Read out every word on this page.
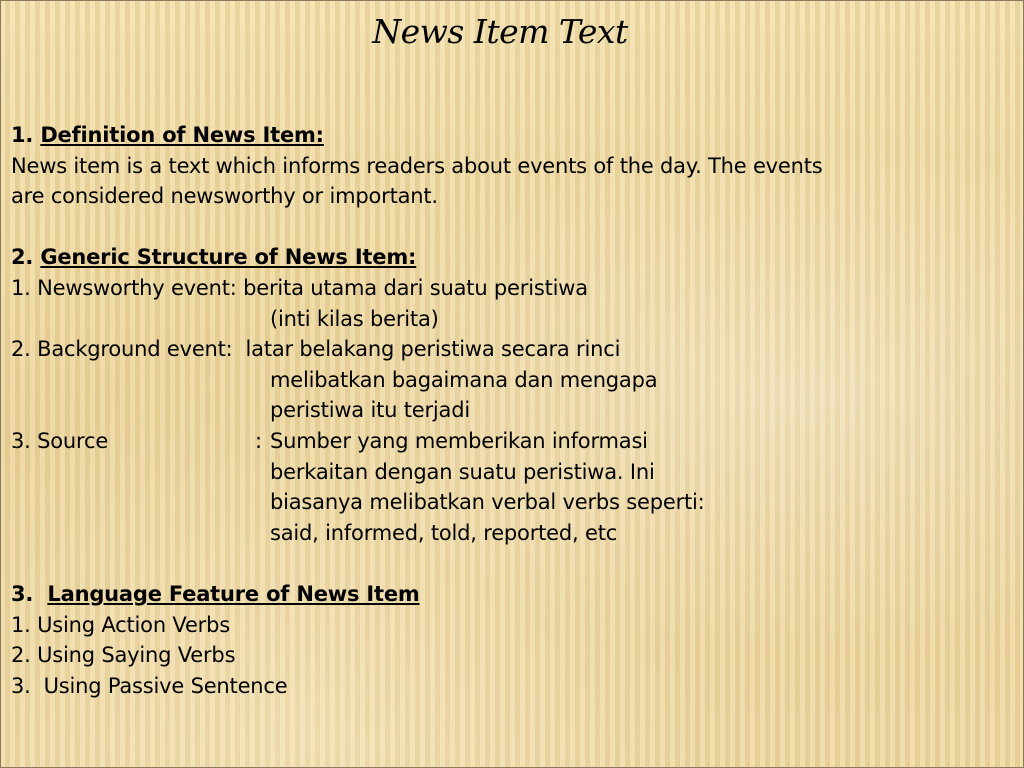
News Item Text
1. Definition of News Item:
News item is a text which informs readers about events of the day. The events
are considered newsworthy or important.
2. Generic Structure of News Item:
1. Newsworthy event: berita utama dari suatu peristiwa
(inti kilas berita)
2. Background event: latar belakang peristiwa secara rinci
melibatkan bagaimana dan mengapa
peristiwa itu terjadi
3. Source	: Sumber yang memberikan informasi
berkaitan dengan suatu peristiwa. Ini
biasanya melibatkan verbal verbs seperti:
said, informed, told, reported, etc
3.  Language Feature of News Item
1. Using Action Verbs
2. Using Saying Verbs
3.  Using Passive Sentence
